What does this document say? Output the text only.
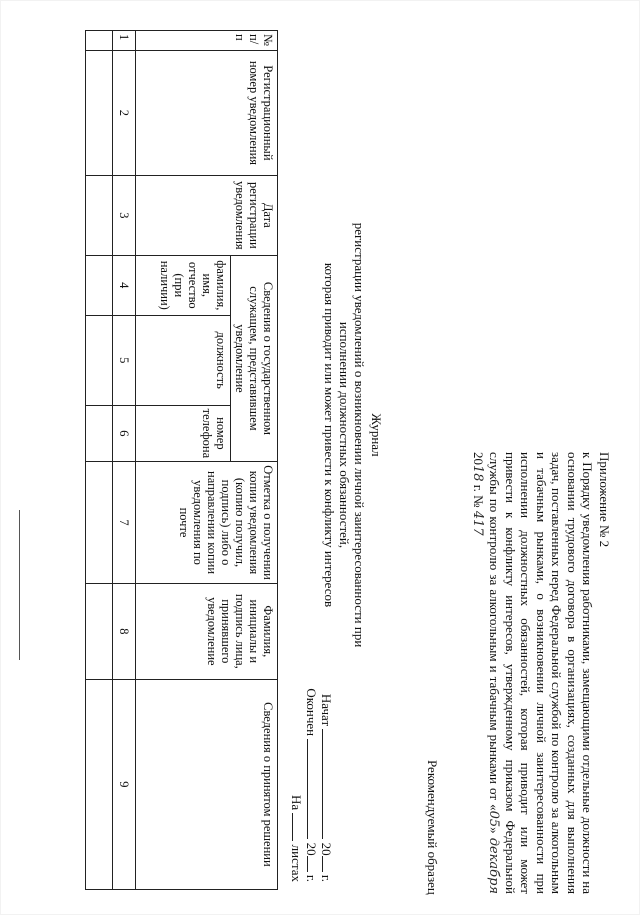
Приложение № 2
к Порядку уведомления работниками, замещающими отдельные должности на основании трудового договора в организациях, созданных для выполнения задач, поставленных перед Федеральной службой по контролю за алкогольным и табачным рынками, о возникновении личной заинтересованности при исполнении должностных обязанностей, которая приводит или может привести к конфликту интересов, утвержденному приказом Федеральной службы по контролю за алкогольным и табачным рынками от «05» декабря 2018 г. № 417
Рекомендуемый образец
Журнал
регистрации уведомлений о возникновении личной заинтересованности при исполнении должностных обязанностей,
которая приводит или может привести к конфликту интересов
Начат  20 г.
Окончен  20 г.
На  листах
№ п/п	Регистрационный номер уведомления	Дата регистрации уведомления	Сведения о государственном служащем, представившем уведомление			Отметка о получении копии уведомления (копию получил, подпись) либо о направлении копии уведомления по почте	Фамилия, инициалы и подпись лица, принявшего уведомление	Сведения о принятом решении
			фамилия, имя, отчество (при наличии)	должность	номер телефона			
1	2	3	4	5	6	7	8	9
